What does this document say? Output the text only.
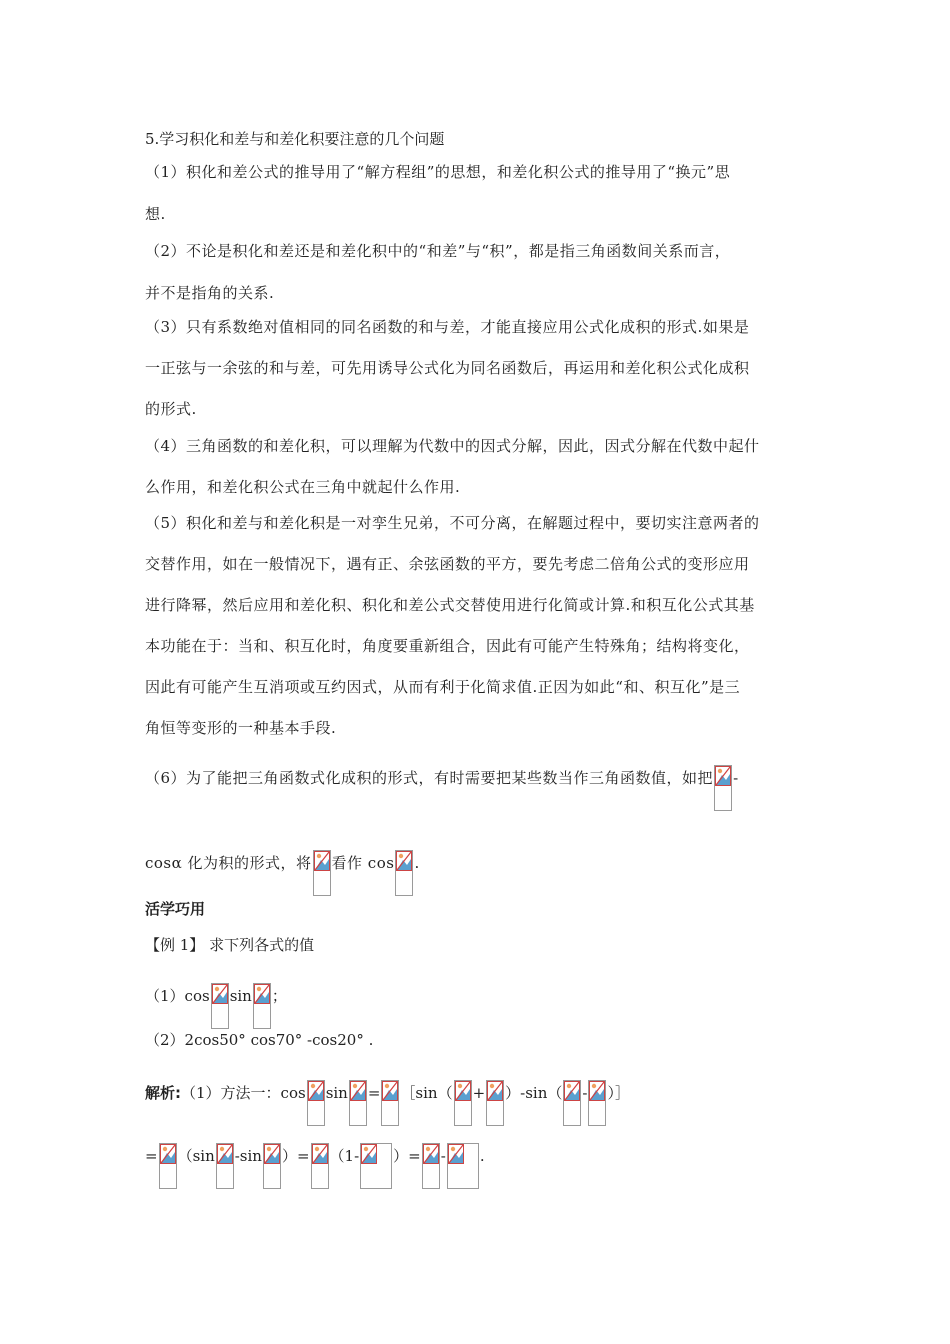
5.学习积化和差与和差化积要注意的几个问题
（1）积化和差公式的推导用了“解方程组”的思想，和差化积公式的推导用了“换元”思
想.
（2）不论是积化和差还是和差化积中的“和差”与“积”，都是指三角函数间关系而言，
并不是指角的关系.
（3）只有系数绝对值相同的同名函数的和与差，才能直接应用公式化成积的形式.如果是
一正弦与一余弦的和与差，可先用诱导公式化为同名函数后，再运用和差化积公式化成积
的形式.
（4）三角函数的和差化积，可以理解为代数中的因式分解，因此，因式分解在代数中起什
么作用，和差化积公式在三角中就起什么作用.
（5）积化和差与和差化积是一对孪生兄弟，不可分离，在解题过程中，要切实注意两者的
交替作用，如在一般情况下，遇有正、余弦函数的平方，要先考虑二倍角公式的变形应用
进行降幂，然后应用和差化积、积化和差公式交替使用进行化简或计算.和积互化公式其基
本功能在于：当和、积互化时，角度要重新组合，因此有可能产生特殊角；结构将变化，
因此有可能产生互消项或互约因式，从而有利于化简求值.正因为如此“和、积互化”是三
角恒等变形的一种基本手段.
（6）为了能把三角函数式化成积的形式，有时需要把某些数当作三角函数值，如把 -
cosα 化为积的形式，将 看作 cos .
活学巧用
【例 1】 求下列各式的值
（1）cos sin ；
（2）2cos50° cos70° -cos20° .
解析:（1）方法一：cos sin = ［sin（ + ）-sin（ - ）］
= （sin -sin ）= （1- ）= - .
